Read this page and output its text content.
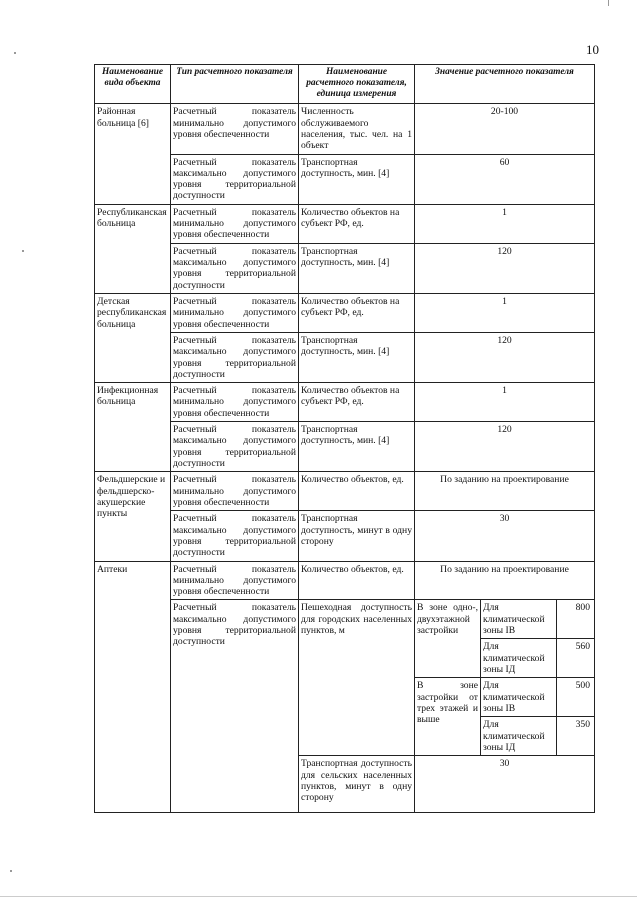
10
Наименование вида объекта	Тип расчетного показателя	Наименование расчетного показателя, единица измерения	Значение расчетного показателя		
Районная больница [6]	Расчетный показатель минимально допустимого уровня обеспеченности	Численность обслуживаемого населения, тыс. чел. на 1 объект	20-100		
	Расчетный показатель максимально допустимого уровня территориальной доступности	Транспортная доступность, мин. [4]	60		
Республиканская больница	Расчетный показатель минимально допустимого уровня обеспеченности	Количество объектов на субъект РФ, ед.	1		
	Расчетный показатель максимально допустимого уровня территориальной доступности	Транспортная доступность, мин. [4]	120		
Детская республиканская больница	Расчетный показатель минимально допустимого уровня обеспеченности	Количество объектов на субъект РФ, ед.	1		
	Расчетный показатель максимально допустимого уровня территориальной доступности	Транспортная доступность, мин. [4]	120		
Инфекционная больница	Расчетный показатель минимально допустимого уровня обеспеченности	Количество объектов на субъект РФ, ед.	1		
	Расчетный показатель максимально допустимого уровня территориальной доступности	Транспортная доступность, мин. [4]	120		
Фельдшерские и фельдшерско-акушерские пункты	Расчетный показатель минимально допустимого уровня обеспеченности	Количество объектов, ед.	По заданию на проектирование		
	Расчетный показатель максимально допустимого уровня территориальной доступности	Транспортная доступность, минут в одну сторону	30		
Аптеки	Расчетный показатель минимально допустимого уровня обеспеченности	Количество объектов, ед.	По заданию на проектирование		
	Расчетный показатель максимально допустимого уровня территориальной доступности	Пешеходная доступность для городских населенных пунктов, м	В зоне одно-, двухэтажной застройки	Для климатической зоны IВ	800
				Для климатической зоны IД	560
			В зоне застройки от трех этажей и выше	Для климатической зоны IВ	500
				Для климатической зоны IД	350
		Транспортная доступность для сельских населенных пунктов, минут в одну сторону	30		
